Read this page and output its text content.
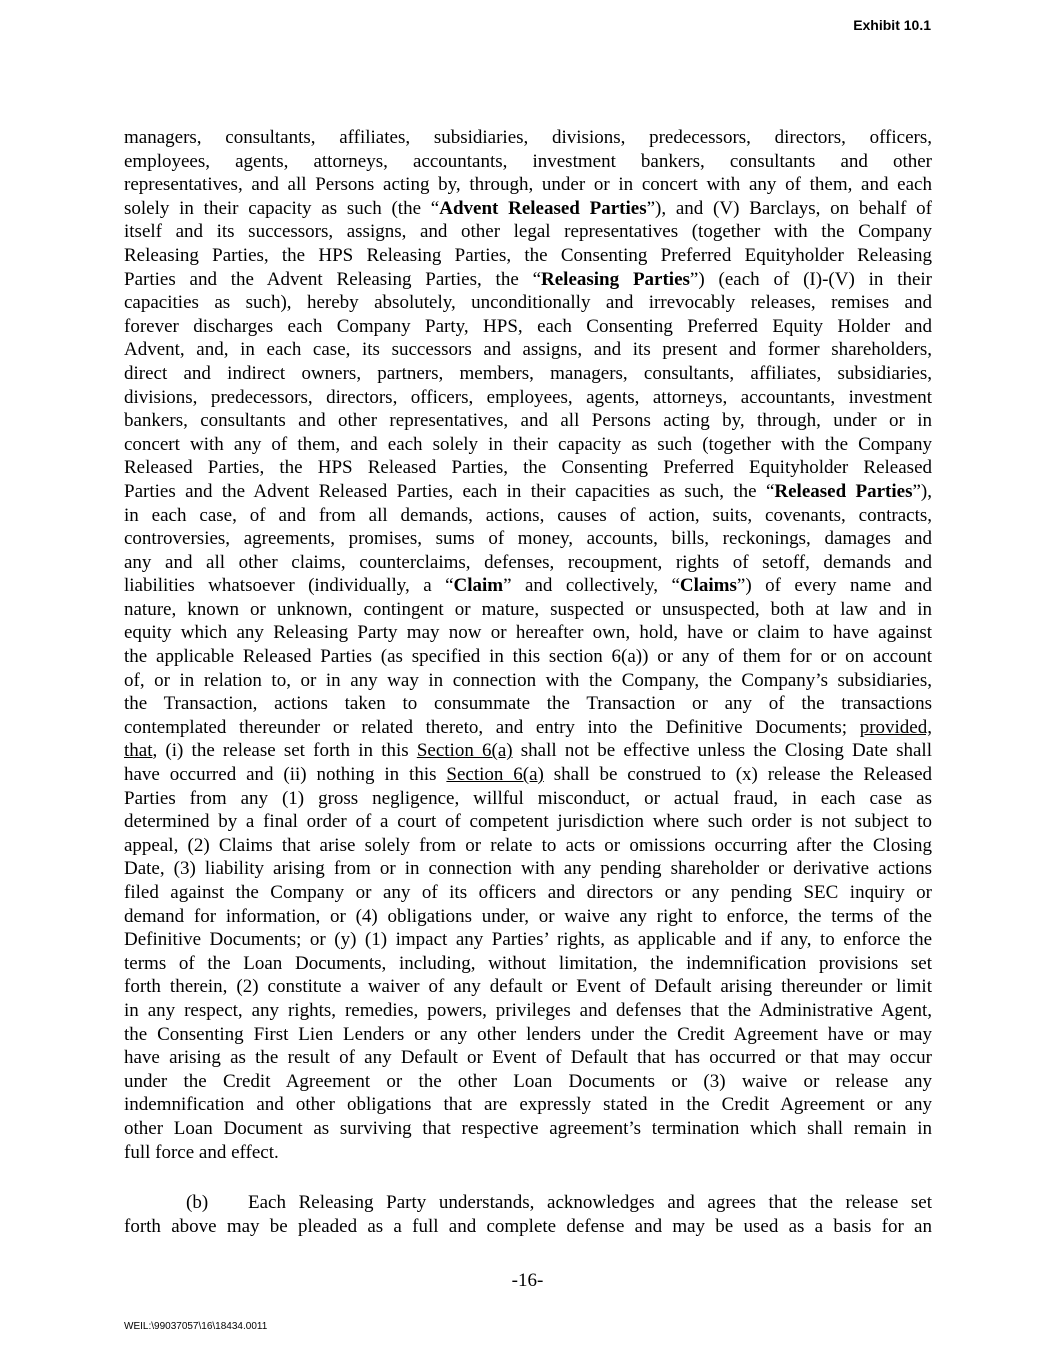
Exhibit 10.1
managers, consultants, affiliates, subsidiaries, divisions, predecessors, directors, officers,
employees, agents, attorneys, accountants, investment bankers, consultants and other
representatives, and all Persons acting by, through, under or in concert with any of them, and each
solely in their capacity as such (the “Advent Released Parties”), and (V) Barclays, on behalf of
itself and its successors, assigns, and other legal representatives (together with the Company
Releasing Parties, the HPS Releasing Parties, the Consenting Preferred Equityholder Releasing
Parties and the Advent Releasing Parties, the “Releasing Parties”) (each of (I)-(V) in their
capacities as such), hereby absolutely, unconditionally and irrevocably releases, remises and
forever discharges each Company Party, HPS, each Consenting Preferred Equity Holder and
Advent, and, in each case, its successors and assigns, and its present and former shareholders,
direct and indirect owners, partners, members, managers, consultants, affiliates, subsidiaries,
divisions, predecessors, directors, officers, employees, agents, attorneys, accountants, investment
bankers, consultants and other representatives, and all Persons acting by, through, under or in
concert with any of them, and each solely in their capacity as such (together with the Company
Released Parties, the HPS Released Parties, the Consenting Preferred Equityholder Released
Parties and the Advent Released Parties, each in their capacities as such, the “Released Parties”),
in each case, of and from all demands, actions, causes of action, suits, covenants, contracts,
controversies, agreements, promises, sums of money, accounts, bills, reckonings, damages and
any and all other claims, counterclaims, defenses, recoupment, rights of setoff, demands and
liabilities whatsoever (individually, a “Claim” and collectively, “Claims”) of every name and
nature, known or unknown, contingent or mature, suspected or unsuspected, both at law and in
equity which any Releasing Party may now or hereafter own, hold, have or claim to have against
the applicable Released Parties (as specified in this section 6(a)) or any of them for or on account
of, or in relation to, or in any way in connection with the Company, the Company’s subsidiaries,
the Transaction, actions taken to consummate the Transaction or any of the transactions
contemplated thereunder or related thereto, and entry into the Definitive Documents; provided,
that, (i) the release set forth in this Section 6(a) shall not be effective unless the Closing Date shall
have occurred and (ii) nothing in this Section 6(a) shall be construed to (x) release the Released
Parties from any (1) gross negligence, willful misconduct, or actual fraud, in each case as
determined by a final order of a court of competent jurisdiction where such order is not subject to
appeal, (2) Claims that arise solely from or relate to acts or omissions occurring after the Closing
Date, (3) liability arising from or in connection with any pending shareholder or derivative actions
filed against the Company or any of its officers and directors or any pending SEC inquiry or
demand for information, or (4) obligations under, or waive any right to enforce, the terms of the
Definitive Documents; or (y) (1) impact any Parties’ rights, as applicable and if any, to enforce the
terms of the Loan Documents, including, without limitation, the indemnification provisions set
forth therein, (2) constitute a waiver of any default or Event of Default arising thereunder or limit
in any respect, any rights, remedies, powers, privileges and defenses that the Administrative Agent,
the Consenting First Lien Lenders or any other lenders under the Credit Agreement have or may
have arising as the result of any Default or Event of Default that has occurred or that may occur
under the Credit Agreement or the other Loan Documents or (3) waive or release any
indemnification and other obligations that are expressly stated in the Credit Agreement or any
other Loan Document as surviving that respective agreement’s termination which shall remain in
full force and effect.
(b) Each Releasing Party understands, acknowledges and agrees that the release set
forth above may be pleaded as a full and complete defense and may be used as a basis for an
-16-
WEIL:\99037057\16\18434.0011
